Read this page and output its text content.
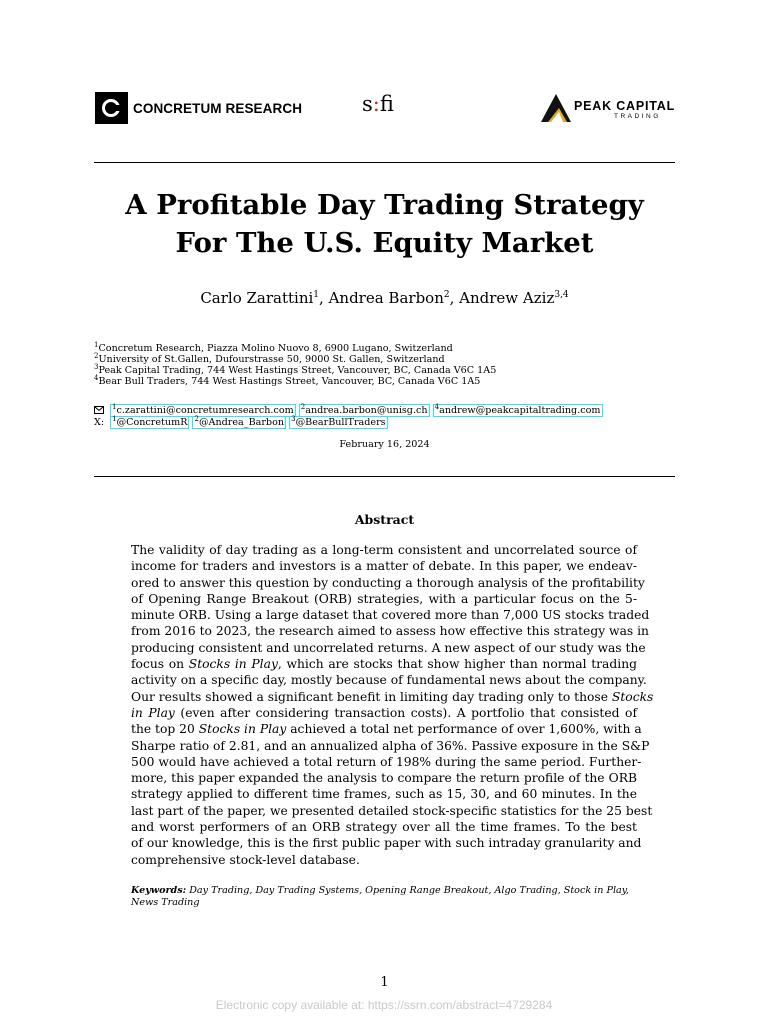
CONCRETUM RESEARCH	s:fi	PEAK CAPITAL
TRADING
A Profitable Day Trading Strategy
For The U.S. Equity Market
Carlo Zarattini$^1$, Andrea Barbon$^2$, Andrew Aziz$^{3,4}$
$^1$Concretum Research, Piazza Molino Nuovo 8, 6900 Lugano, Switzerland
$^2$University of St.Gallen, Dufourstrasse 50, 9000 St. Gallen, Switzerland
$^3$Peak Capital Trading, 744 West Hastings Street, Vancouver, BC, Canada V6C 1A5
$^4$Bear Bull Traders, 744 West Hastings Street, Vancouver, BC, Canada V6C 1A5
$^1$c.zarattini@concretumresearch.com $^2$andrea.barbon@unisg.ch $^4$andrew@peakcapitaltrading.com
X: $^1$@ConcretumR $^2$@Andrea_Barbon $^3$@BearBullTraders
February 16, 2024
Abstract
The validity of day trading as a long-term consistent and uncorrelated source of
income for traders and investors is a matter of debate. In this paper, we endeav-
ored to answer this question by conducting a thorough analysis of the profitability
of Opening Range Breakout (ORB) strategies, with a particular focus on the 5-
minute ORB. Using a large dataset that covered more than 7,000 US stocks traded
from 2016 to 2023, the research aimed to assess how effective this strategy was in
producing consistent and uncorrelated returns. A new aspect of our study was the
focus on Stocks in Play, which are stocks that show higher than normal trading
activity on a specific day, mostly because of fundamental news about the company.
Our results showed a significant benefit in limiting day trading only to those Stocks
in Play (even after considering transaction costs). A portfolio that consisted of
the top 20 Stocks in Play achieved a total net performance of over 1,600%, with a
Sharpe ratio of 2.81, and an annualized alpha of 36%. Passive exposure in the S&P
500 would have achieved a total return of 198% during the same period. Further-
more, this paper expanded the analysis to compare the return profile of the ORB
strategy applied to different time frames, such as 15, 30, and 60 minutes. In the
last part of the paper, we presented detailed stock-specific statistics for the 25 best
and worst performers of an ORB strategy over all the time frames. To the best
of our knowledge, this is the first public paper with such intraday granularity and
comprehensive stock-level database.
Keywords: Day Trading, Day Trading Systems, Opening Range Breakout, Algo Trading, Stock in Play, News Trading
1
Electronic copy available at: https://ssrn.com/abstract=4729284
